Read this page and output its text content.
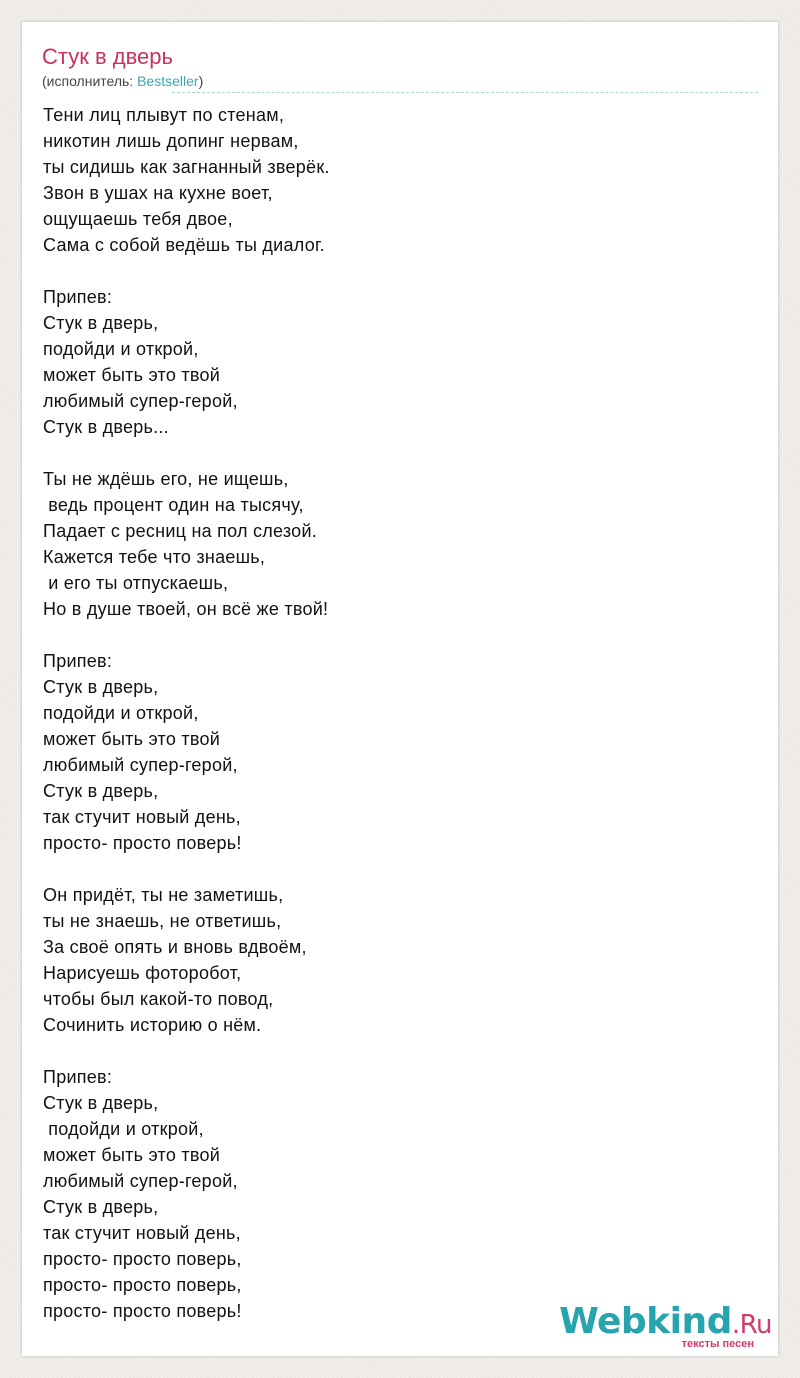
Стук в дверь
(исполнитель: Bestseller)
Тени лиц плывут по стенам,
никотин лишь допинг нервам,
ты сидишь как загнанный зверёк.
Звон в ушах на кухне воет,
ощущаешь тебя двое,
Сама с собой ведёшь ты диалог.
Припев:
Стук в дверь,
подойди и открой,
может быть это твой
любимый супер-герой,
Стук в дверь...
Ты не ждёшь его, не ищешь,
ведь процент один на тысячу,
Падает с ресниц на пол слезой.
Кажется тебе что знаешь,
и его ты отпускаешь,
Но в душе твоей, он всё же твой!
Припев:
Стук в дверь,
подойди и открой,
может быть это твой
любимый супер-герой,
Стук в дверь,
так стучит новый день,
просто- просто поверь!
Он придёт, ты не заметишь,
ты не знаешь, не ответишь,
За своё опять и вновь вдвоём,
Нарисуешь фоторобот,
чтобы был какой-то повод,
Сочинить историю о нём.
Припев:
Стук в дверь,
подойди и открой,
может быть это твой
любимый супер-герой,
Стук в дверь,
так стучит новый день,
просто- просто поверь,
просто- просто поверь,
просто- просто поверь!	Webkind.Ru
тексты песен
